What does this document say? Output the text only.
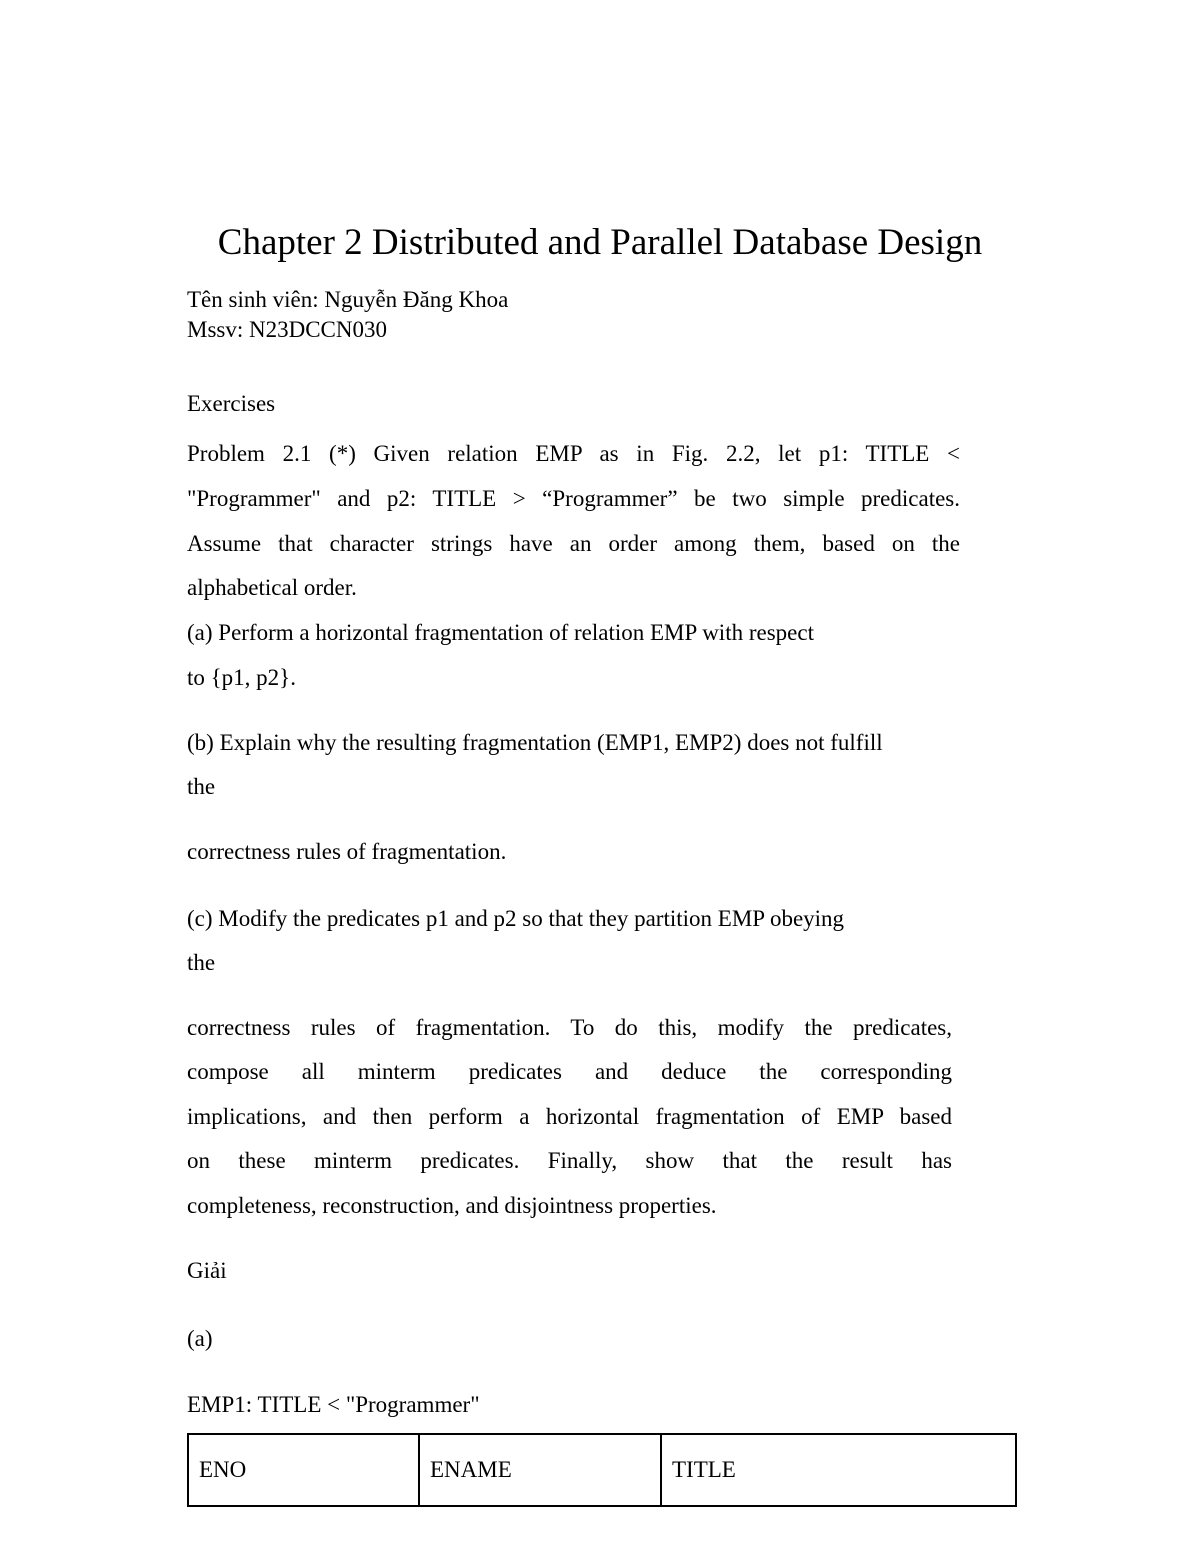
Chapter 2 Distributed and Parallel Database Design
Tên sinh viên: Nguyễn Đăng Khoa
Mssv: N23DCCN030
Exercises
Problem 2.1 (*) Given relation EMP as in Fig. 2.2, let p1: TITLE <
"Programmer" and p2: TITLE > “Programmer” be two simple predicates.
Assume that character strings have an order among them, based on the
alphabetical order.
(a) Perform a horizontal fragmentation of relation EMP with respect
to {p1, p2}.
(b) Explain why the resulting fragmentation (EMP1, EMP2) does not fulfill
the
correctness rules of fragmentation.
(c) Modify the predicates p1 and p2 so that they partition EMP obeying
the
correctness rules of fragmentation. To do this, modify the predicates,
compose all minterm predicates and deduce the corresponding
implications, and then perform a horizontal fragmentation of EMP based
on these minterm predicates. Finally, show that the result has
completeness, reconstruction, and disjointness properties.
Giải
(a)
EMP1: TITLE < "Programmer"
ENO	ENAME	TITLE
